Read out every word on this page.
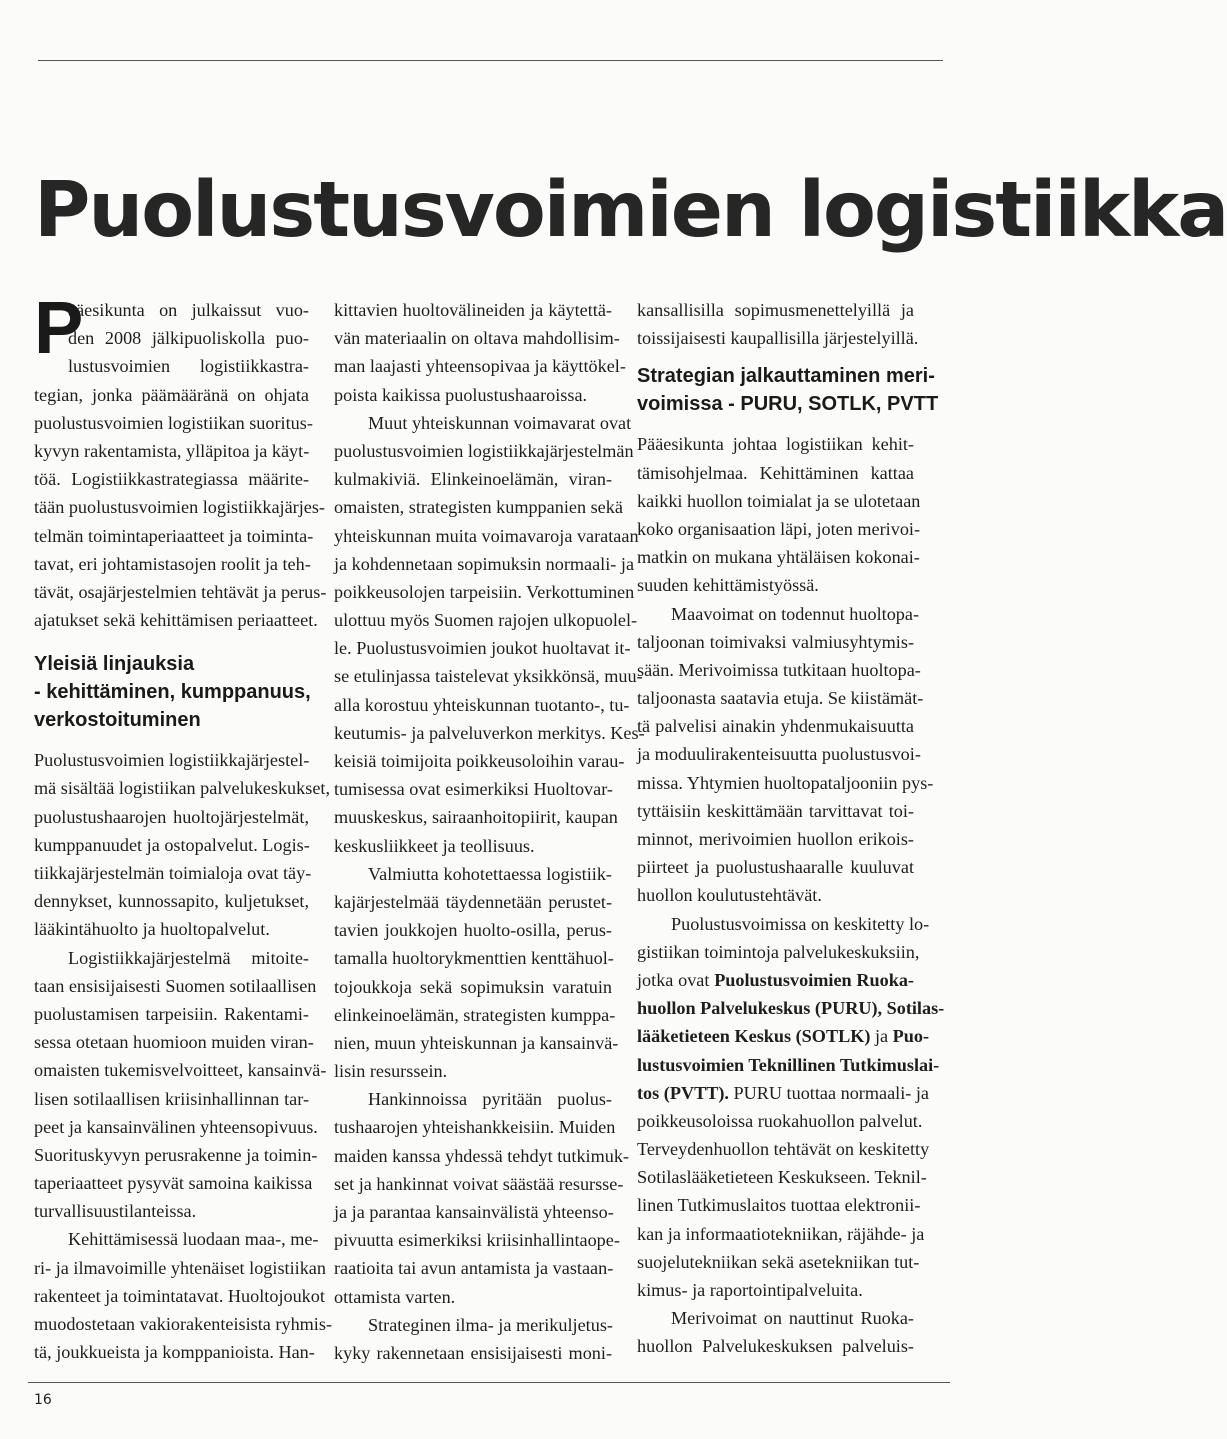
Puolustusvoimien logistiikka
P
ääesikunta on julkaissut vuo-
den 2008 jälkipuoliskolla puo-
lustusvoimien logistiikkastra-
tegian, jonka päämääränä on ohjata
puolustusvoimien logistiikan suoritus-
kyvyn rakentamista, ylläpitoa ja käyt-
töä. Logistiikkastrategiassa määrite-
tään puolustusvoimien logistiikkajärjes-
telmän toimintaperiaatteet ja toiminta-
tavat, eri johtamistasojen roolit ja teh-
tävät, osajärjestelmien tehtävät ja perus-
ajatukset sekä kehittämisen periaatteet.
Yleisiä linjauksia
- kehittäminen, kumppanuus,
verkostoituminen
Puolustusvoimien logistiikkajärjestel-
mä sisältää logistiikan palvelukeskukset,
puolustushaarojen huoltojärjestelmät,
kumppanuudet ja ostopalvelut. Logis-
tiikkajärjestelmän toimialoja ovat täy-
dennykset, kunnossapito, kuljetukset,
lääkintähuolto ja huoltopalvelut.
Logistiikkajärjestelmä mitoite-
taan ensisijaisesti Suomen sotilaallisen
puolustamisen tarpeisiin. Rakentami-
sessa otetaan huomioon muiden viran-
omaisten tukemisvelvoitteet, kansainvä-
lisen sotilaallisen kriisinhallinnan tar-
peet ja kansainvälinen yhteensopivuus.
Suorituskyvyn perusrakenne ja toimin-
taperiaatteet pysyvät samoina kaikissa
turvallisuustilanteissa.
Kehittämisessä luodaan maa-, me-
ri- ja ilmavoimille yhtenäiset logistiikan
rakenteet ja toimintatavat. Huoltojoukot
muodostetaan vakiorakenteisista ryhmis-
tä, joukkueista ja komppanioista. Han-
kittavien huoltovälineiden ja käytettä-
vän materiaalin on oltava mahdollisim-
man laajasti yhteensopivaa ja käyttökel-
poista kaikissa puolustushaaroissa.
Muut yhteiskunnan voimavarat ovat
puolustusvoimien logistiikkajärjestelmän
kulmakiviä. Elinkeinoelämän, viran-
omaisten, strategisten kumppanien sekä
yhteiskunnan muita voimavaroja varataan
ja kohdennetaan sopimuksin normaali- ja
poikkeusolojen tarpeisiin. Verkottuminen
ulottuu myös Suomen rajojen ulkopuolel-
le. Puolustusvoimien joukot huoltavat it-
se etulinjassa taistelevat yksikkönsä, muu-
alla korostuu yhteiskunnan tuotanto-, tu-
keutumis- ja palveluverkon merkitys. Kes-
keisiä toimijoita poikkeusoloihin varau-
tumisessa ovat esimerkiksi Huoltovar-
muuskeskus, sairaanhoitopiirit, kaupan
keskusliikkeet ja teollisuus.
Valmiutta kohotettaessa logistiik-
kajärjestelmää täydennetään perustet-
tavien joukkojen huolto-osilla, perus-
tamalla huoltorykmenttien kenttähuol-
tojoukkoja sekä sopimuksin varatuin
elinkeinoelämän, strategisten kumppa-
nien, muun yhteiskunnan ja kansainvä-
lisin resurssein.
Hankinnoissa pyritään puolus-
tushaarojen yhteishankkeisiin. Muiden
maiden kanssa yhdessä tehdyt tutkimuk-
set ja hankinnat voivat säästää resursse-
ja ja parantaa kansainvälistä yhteenso-
pivuutta esimerkiksi kriisinhallintaope-
raatioita tai avun antamista ja vastaan-
ottamista varten.
Strateginen ilma- ja merikuljetus-
kyky rakennetaan ensisijaisesti moni-
kansallisilla sopimusmenettelyillä ja
toissijaisesti kaupallisilla järjestelyillä.
Strategian jalkauttaminen meri-
voimissa - PURU, SOTLK, PVTT
Pääesikunta johtaa logistiikan kehit-
tämisohjelmaa. Kehittäminen kattaa
kaikki huollon toimialat ja se ulotetaan
koko organisaation läpi, joten merivoi-
matkin on mukana yhtäläisen kokonai-
suuden kehittämistyössä.
Maavoimat on todennut huoltopa-
taljoonan toimivaksi valmiusyhtymis-
sään. Merivoimissa tutkitaan huoltopa-
taljoonasta saatavia etuja. Se kiistämät-
tä palvelisi ainakin yhdenmukaisuutta
ja moduulirakenteisuutta puolustusvoi-
missa. Yhtymien huoltopataljooniin pys-
tyttäisiin keskittämään tarvittavat toi-
minnot, merivoimien huollon erikois-
piirteet ja puolustushaaralle kuuluvat
huollon koulutustehtävät.
Puolustusvoimissa on keskitetty lo-
gistiikan toimintoja palvelukeskuksiin,
jotka ovat Puolustusvoimien Ruoka-
huollon Palvelukeskus (PURU), Sotilas-
lääketieteen Keskus (SOTLK) ja Puo-
lustusvoimien Teknillinen Tutkimuslai-
tos (PVTT). PURU tuottaa normaali- ja
poikkeusoloissa ruokahuollon palvelut.
Terveydenhuollon tehtävät on keskitetty
Sotilaslääketieteen Keskukseen. Teknil-
linen Tutkimuslaitos tuottaa elektronii-
kan ja informaatiotekniikan, räjähde- ja
suojelutekniikan sekä asetekniikan tut-
kimus- ja raportointipalveluita.
Merivoimat on nauttinut Ruoka-
huollon Palvelukeskuksen palveluis-
16
